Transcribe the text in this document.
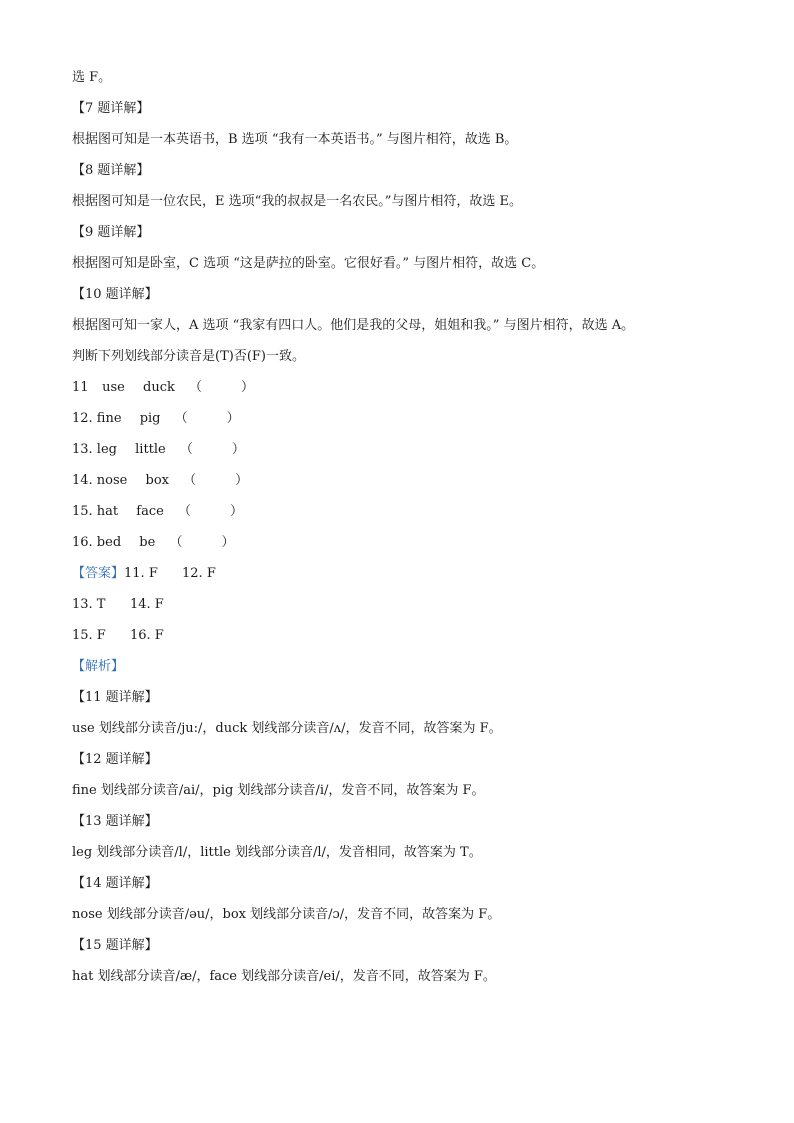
选 F。
【7 题详解】
根据图可知是一本英语书，B 选项 “我有一本英语书。” 与图片相符，故选 B。
【8 题详解】
根据图可知是一位农民，E 选项“我的叔叔是一名农民。”与图片相符，故选 E。
【9 题详解】
根据图可知是卧室，C 选项 “这是萨拉的卧室。它很好看。” 与图片相符，故选 C。
【10 题详解】
根据图可知一家人，A 选项 “我家有四口人。他们是我的父母，姐姐和我。” 与图片相符，故选 A。
判断下列划线部分读音是(T)否(F)一致。
11 use duck （　　　）
12. fine pig （　　　）
13. leg little （　　　）
14. nose box （　　　）
15. hat face （　　　）
16. bed be （　　　）
【答案】11. F 12. F
13. T 14. F
15. F 16. F
【解析】
【11 题详解】
use 划线部分读音/ju:/，duck 划线部分读音/ʌ/，发音不同，故答案为 F。
【12 题详解】
fine 划线部分读音/ai/，pig 划线部分读音/i/，发音不同，故答案为 F。
【13 题详解】
leg 划线部分读音/l/，little 划线部分读音/l/，发音相同，故答案为 T。
【14 题详解】
nose 划线部分读音/əu/，box 划线部分读音/ɔ/，发音不同，故答案为 F。
【15 题详解】
hat 划线部分读音/æ/，face 划线部分读音/ei/，发音不同，故答案为 F。
